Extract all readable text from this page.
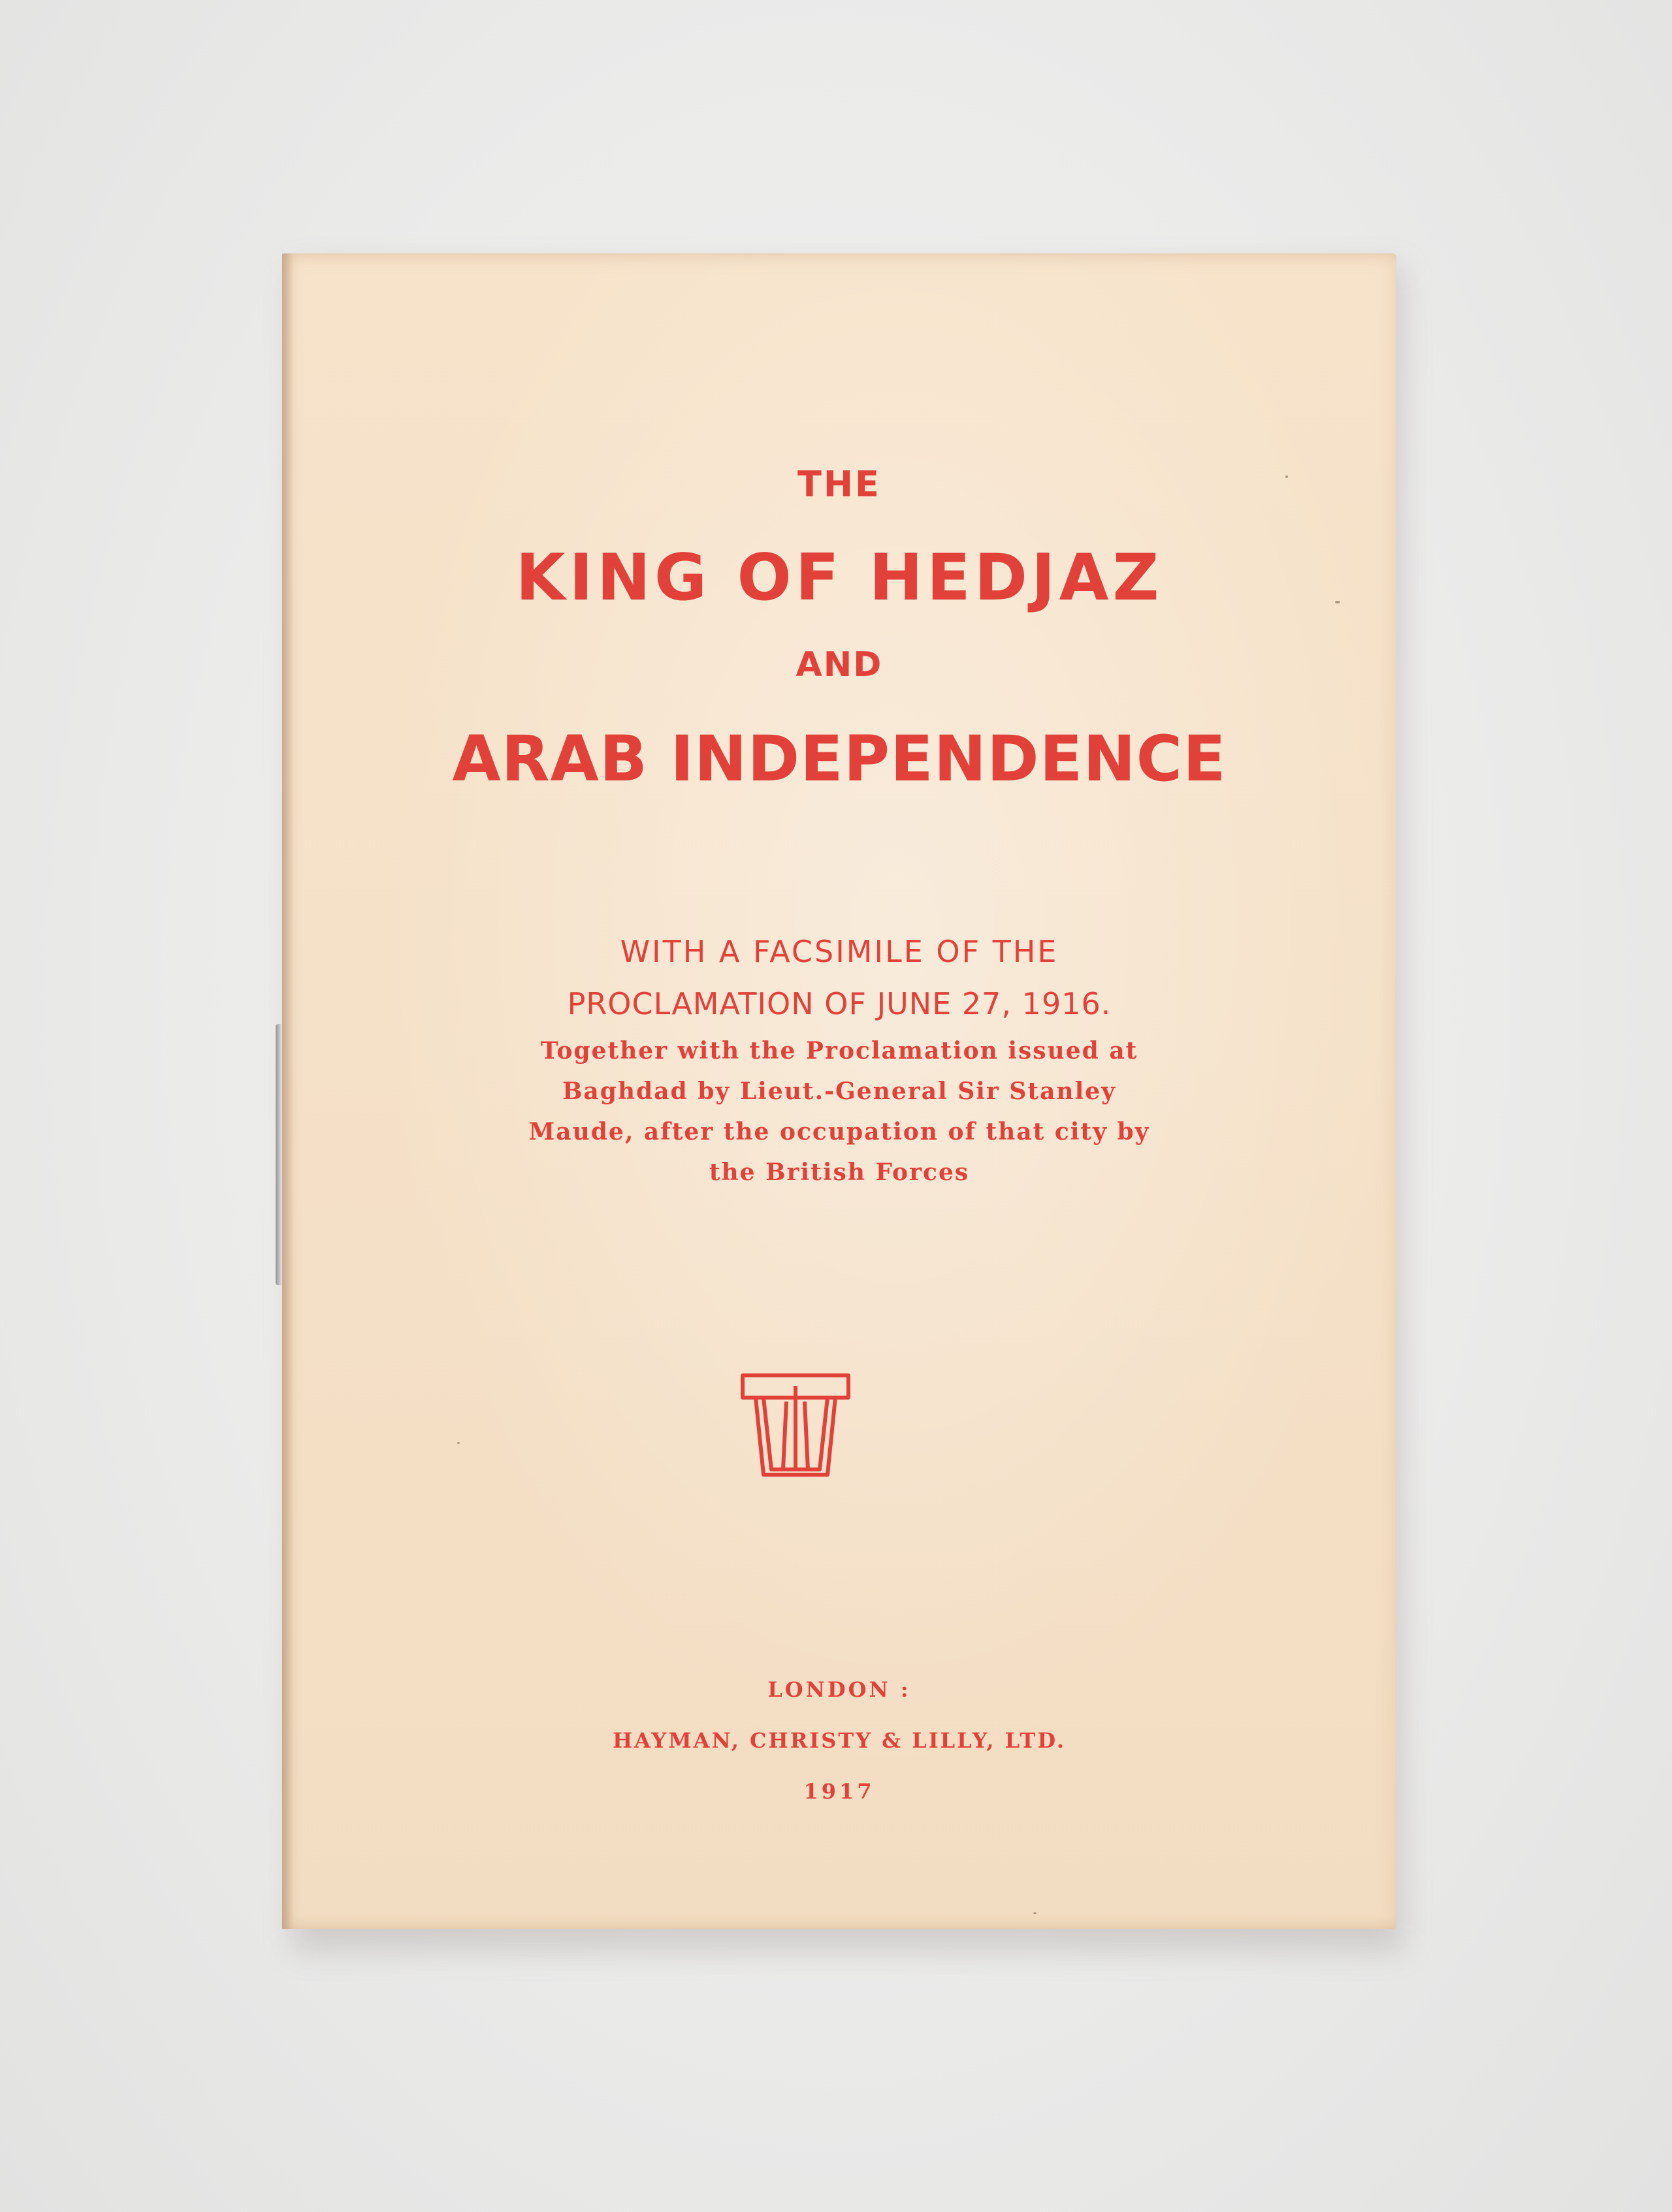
THE

KING OF HEDJAZ

AND

ARAB INDEPENDENCE

WITH A FACSIMILE OF THE

PROCLAMATION OF JUNE 27, 1916.

Together with the Proclamation issued at

Baghdad by Lieut.-General Sir Stanley

Maude, after the occupation of that city by

the British Forces

LONDON :

HAYMAN, CHRISTY & LILLY, LTD.

1917
